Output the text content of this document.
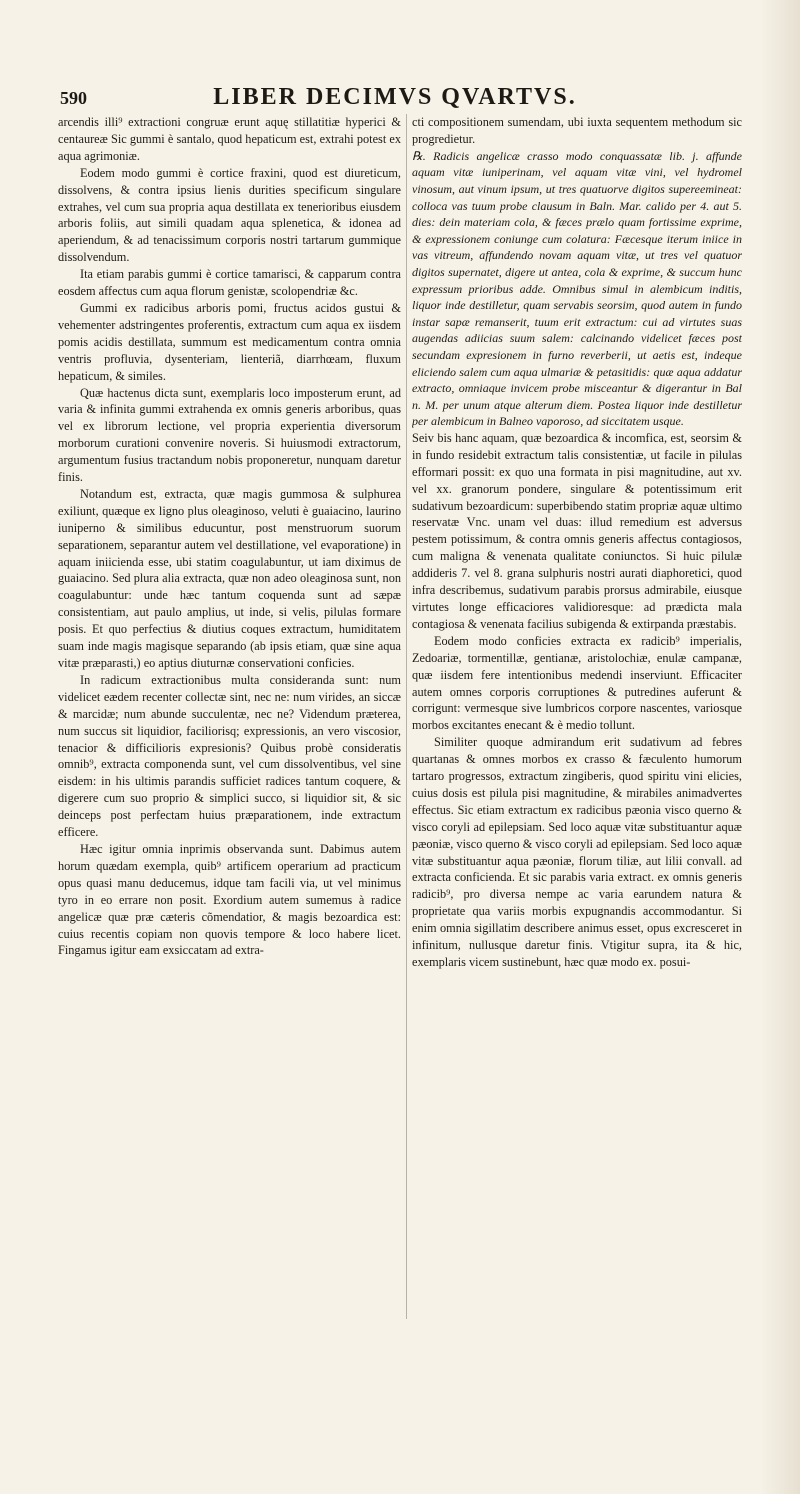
590	LIBER DECIMVS QVARTVS.

arcendis illi⁹ extractioni congruæ erunt aquę stillatitiæ hyperici & centaureæ Sic gummi è santalo, quod hepaticum est, extrahi potest ex aqua agrimoniæ.

Eodem modo gummi è cortice fraxini, quod est diureticum, dissolvens, & contra ipsius lienis durities specificum singulare extrahes, vel cum sua propria aqua destillata ex tenerioribus eiusdem arboris foliis, aut simili quadam aqua splenetica, & idonea ad aperiendum, & ad tenacissimum corporis nostri tartarum gummique dissolvendum.

Ita etiam parabis gummi è cortice tamarisci, & capparum contra eosdem affectus cum aqua florum genistæ, scolopendriæ &c.

Gummi ex radicibus arboris pomi, fructus acidos gustui & vehementer adstringentes proferentis, extractum cum aqua ex iisdem pomis acidis destillata, summum est medicamentum contra omnia ventris profluvia, dysenteriam, lienteriã, diarrhœam, fluxum hepaticum, & similes.

Quæ hactenus dicta sunt, exemplaris loco imposterum erunt, ad varia & infinita gummi extrahenda ex omnis generis arboribus, quas vel ex librorum lectione, vel propria experientia diversorum morborum curationi convenire noveris. Si huiusmodi extractorum, argumentum fusius tractandum nobis proponeretur, nunquam daretur finis.

Notandum est, extracta, quæ magis gummosa & sulphurea exiliunt, quæque ex ligno plus oleaginoso, veluti è guaiacino, laurino iuniperno & similibus educuntur, post menstruorum suorum separationem, separantur autem vel destillatione, vel evaporatione) in aquam iniicienda esse, ubi statim coagulabuntur, ut iam diximus de guaiacino. Sed plura alia extracta, quæ non adeo oleaginosa sunt, non coagulabuntur: unde hæc tantum coquenda sunt ad sæpæ consistentiam, aut paulo amplius, ut inde, si velis, pilulas formare posis. Et quo perfectius & diutius coques extractum, humiditatem suam inde magis magisque separando (ab ipsis etiam, quæ sine aqua vitæ præparasti,) eo aptius diuturnæ conservationi conficies.

In radicum extractionibus multa consideranda sunt: num videlicet eædem recenter collectæ sint, nec ne: num virides, an siccæ & marcidæ; num abunde succulentæ, nec ne? Videndum præterea, num succus sit liquidior, faciliorisq; expressionis, an vero viscosior, tenacior & difficilioris expresionis? Quibus probè consideratis omnib⁹, extracta componenda sunt, vel cum dissolventibus, vel sine eisdem: in his ultimis parandis sufficiet radices tantum coquere, & digerere cum suo proprio & simplici succo, si liquidior sit, & sic deinceps post perfectam huius præparationem, inde extractum efficere.

Hæc igitur omnia inprimis observanda sunt. Dabimus autem horum quædam exempla, quib⁹ artificem operarium ad practicum opus quasi manu deducemus, idque tam facili via, ut vel minimus tyro in eo errare non posit. Exordium autem sumemus à radice angelicæ quæ præ cæteris cõmendatior, & magis bezoardica est: cuius recentis copiam non quovis tempore & loco habere licet. Fingamus igitur eam exsiccatam ad extra-

cti compositionem sumendam, ubi iuxta sequentem methodum sic progredietur.

℞. Radicis angelicæ crasso modo conquassatæ lib. j. affunde aquam vitæ iuniperinam, vel aquam vitæ vini, vel hydromel vinosum, aut vinum ipsum, ut tres quatuorve digitos supereemineat: colloca vas tuum probe clausum in Baln. Mar. calido per 4. aut 5. dies: dein materiam cola, & fæces prælo quam fortissime exprime, & expressionem coniunge cum colatura: Fæcesque iterum iniice in vas vitreum, affundendo novam aquam vitæ, ut tres vel quatuor digitos supernatet, digere ut antea, cola & exprime, & succum hunc expressum prioribus adde. Omnibus simul in alembicum inditis, liquor inde destilletur, quam servabis seorsim, quod autem in fundo instar sapæ remanserit, tuum erit extractum: cui ad virtutes suas augendas adiicias suum salem: calcinando videlicet fæces post secundam expresionem in furno reverberii, ut aetis est, indeque eliciendo salem cum aqua ulmariæ & petasitidis: quæ aqua addatur extracto, omniaque invicem probe misceantur & digerantur in Bal n. M. per unum atque alterum diem. Postea liquor inde destilletur per alembicum in Balneo vaporoso, ad siccitatem usque.

Seiv bis hanc aquam, quæ bezoardica & incomfica, est, seorsim & in fundo residebit extractum talis consistentiæ, ut facile in pilulas efformari possit: ex quo una formata in pisi magnitudine, aut xv. vel xx. granorum pondere, singulare & potentissimum erit sudativum bezoardicum: superbibendo statim propriæ aquæ ultimo reservatæ Vnc. unam vel duas: illud remedium est adversus pestem potissimum, & contra omnis generis affectus contagiosos, cum maligna & venenata qualitate coniunctos. Si huic pilulæ addideris 7. vel 8. grana sulphuris nostri aurati diaphoretici, quod infra describemus, sudativum parabis prorsus admirabile, eiusque virtutes longe efficaciores validioresque: ad prædicta mala contagiosa & venenata facilius subigenda & extirpanda præstabis.

Eodem modo conficies extracta ex radicib⁹ imperialis, Zedoariæ, tormentillæ, gentianæ, aristolochiæ, enulæ campanæ, quæ iisdem fere intentionibus medendi inserviunt. Efficaciter autem omnes corporis corruptiones & putredines auferunt & corrigunt: vermesque sive lumbricos corpore nascentes, variosque morbos excitantes enecant & è medio tollunt.

Similiter quoque admirandum erit sudativum ad febres quartanas & omnes morbos ex crasso & fæculento humorum tartaro progressos, extractum zingiberis, quod spiritu vini elicies, cuius dosis est pilula pisi magnitudine, & mirabiles animadvertes effectus. Sic etiam extractum ex radicibus pæonia visco querno & visco coryli ad epilepsiam. Sed loco aquæ vitæ substituantur aquæ pæoniæ, visco querno & visco coryli ad epilepsiam. Sed loco aquæ vitæ substituantur aqua pæoniæ, florum tiliæ, aut lilii convall. ad extracta conficienda. Et sic parabis varia extract. ex omnis generis radicib⁹, pro diversa nempe ac varia earundem natura & proprietate qua variis morbis expugnandis accommodantur. Si enim omnia sigillatim describere animus esset, opus excresceret in infinitum, nullusque daretur finis. Vtigitur supra, ita & hic, exemplaris vicem sustinebunt, hæc quæ modo ex. posui-
